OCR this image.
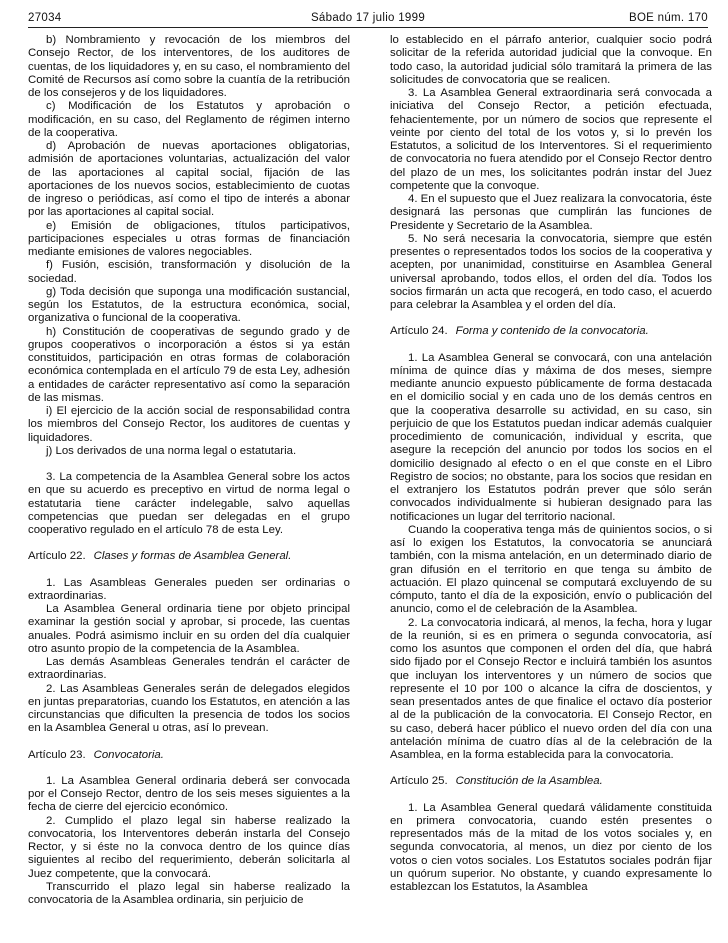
27034	Sábado 17 julio 1999	BOE núm. 170

b) Nombramiento y revocación de los miembros del Consejo Rector, de los interventores, de los auditores de cuentas, de los liquidadores y, en su caso, el nombramiento del Comité de Recursos así como sobre la cuantía de la retribución de los consejeros y de los liquidadores.

c) Modificación de los Estatutos y aprobación o modificación, en su caso, del Reglamento de régimen interno de la cooperativa.

d) Aprobación de nuevas aportaciones obligatorias, admisión de aportaciones voluntarias, actualización del valor de las aportaciones al capital social, fijación de las aportaciones de los nuevos socios, establecimiento de cuotas de ingreso o periódicas, así como el tipo de interés a abonar por las aportaciones al capital social.

e) Emisión de obligaciones, títulos participativos, participaciones especiales u otras formas de financiación mediante emisiones de valores negociables.

f) Fusión, escisión, transformación y disolución de la sociedad.

g) Toda decisión que suponga una modificación sustancial, según los Estatutos, de la estructura económica, social, organizativa o funcional de la cooperativa.

h) Constitución de cooperativas de segundo grado y de grupos cooperativos o incorporación a éstos si ya están constituidos, participación en otras formas de colaboración económica contemplada en el artículo 79 de esta Ley, adhesión a entidades de carácter representativo así como la separación de las mismas.

i) El ejercicio de la acción social de responsabilidad contra los miembros del Consejo Rector, los auditores de cuentas y liquidadores.

j) Los derivados de una norma legal o estatutaria.

3. La competencia de la Asamblea General sobre los actos en que su acuerdo es preceptivo en virtud de norma legal o estatutaria tiene carácter indelegable, salvo aquellas competencias que puedan ser delegadas en el grupo cooperativo regulado en el artículo 78 de esta Ley.

Artículo 22. Clases y formas de Asamblea General.

1. Las Asambleas Generales pueden ser ordinarias o extraordinarias.

La Asamblea General ordinaria tiene por objeto principal examinar la gestión social y aprobar, si procede, las cuentas anuales. Podrá asimismo incluir en su orden del día cualquier otro asunto propio de la competencia de la Asamblea.

Las demás Asambleas Generales tendrán el carácter de extraordinarias.

2. Las Asambleas Generales serán de delegados elegidos en juntas preparatorias, cuando los Estatutos, en atención a las circunstancias que dificulten la presencia de todos los socios en la Asamblea General u otras, así lo prevean.

Artículo 23. Convocatoria.

1. La Asamblea General ordinaria deberá ser convocada por el Consejo Rector, dentro de los seis meses siguientes a la fecha de cierre del ejercicio económico.

2. Cumplido el plazo legal sin haberse realizado la convocatoria, los Interventores deberán instarla del Consejo Rector, y si éste no la convoca dentro de los quince días siguientes al recibo del requerimiento, deberán solicitarla al Juez competente, que la convocará.

Transcurrido el plazo legal sin haberse realizado la convocatoria de la Asamblea ordinaria, sin perjuicio de

lo establecido en el párrafo anterior, cualquier socio podrá solicitar de la referida autoridad judicial que la convoque. En todo caso, la autoridad judicial sólo tramitará la primera de las solicitudes de convocatoria que se realicen.

3. La Asamblea General extraordinaria será convocada a iniciativa del Consejo Rector, a petición efectuada, fehacientemente, por un número de socios que represente el veinte por ciento del total de los votos y, si lo prevén los Estatutos, a solicitud de los Interventores. Si el requerimiento de convocatoria no fuera atendido por el Consejo Rector dentro del plazo de un mes, los solicitantes podrán instar del Juez competente que la convoque.

4. En el supuesto que el Juez realizara la convocatoria, éste designará las personas que cumplirán las funciones de Presidente y Secretario de la Asamblea.

5. No será necesaria la convocatoria, siempre que estén presentes o representados todos los socios de la cooperativa y acepten, por unanimidad, constituirse en Asamblea General universal aprobando, todos ellos, el orden del día. Todos los socios firmarán un acta que recogerá, en todo caso, el acuerdo para celebrar la Asamblea y el orden del día.

Artículo 24. Forma y contenido de la convocatoria.

1. La Asamblea General se convocará, con una antelación mínima de quince días y máxima de dos meses, siempre mediante anuncio expuesto públicamente de forma destacada en el domicilio social y en cada uno de los demás centros en que la cooperativa desarrolle su actividad, en su caso, sin perjuicio de que los Estatutos puedan indicar además cualquier procedimiento de comunicación, individual y escrita, que asegure la recepción del anuncio por todos los socios en el domicilio designado al efecto o en el que conste en el Libro Registro de socios; no obstante, para los socios que residan en el extranjero los Estatutos podrán prever que sólo serán convocados individualmente si hubieran designado para las notificaciones un lugar del territorio nacional.

Cuando la cooperativa tenga más de quinientos socios, o si así lo exigen los Estatutos, la convocatoria se anunciará también, con la misma antelación, en un determinado diario de gran difusión en el territorio en que tenga su ámbito de actuación. El plazo quincenal se computará excluyendo de su cómputo, tanto el día de la exposición, envío o publicación del anuncio, como el de celebración de la Asamblea.

2. La convocatoria indicará, al menos, la fecha, hora y lugar de la reunión, si es en primera o segunda convocatoria, así como los asuntos que componen el orden del día, que habrá sido fijado por el Consejo Rector e incluirá también los asuntos que incluyan los interventores y un número de socios que represente el 10 por 100 o alcance la cifra de doscientos, y sean presentados antes de que finalice el octavo día posterior al de la publicación de la convocatoria. El Consejo Rector, en su caso, deberá hacer público el nuevo orden del día con una antelación mínima de cuatro días al de la celebración de la Asamblea, en la forma establecida para la convocatoria.

Artículo 25. Constitución de la Asamblea.

1. La Asamblea General quedará válidamente constituida en primera convocatoria, cuando estén presentes o representados más de la mitad de los votos sociales y, en segunda convocatoria, al menos, un diez por ciento de los votos o cien votos sociales. Los Estatutos sociales podrán fijar un quórum superior. No obstante, y cuando expresamente lo establezcan los Estatutos, la Asamblea
